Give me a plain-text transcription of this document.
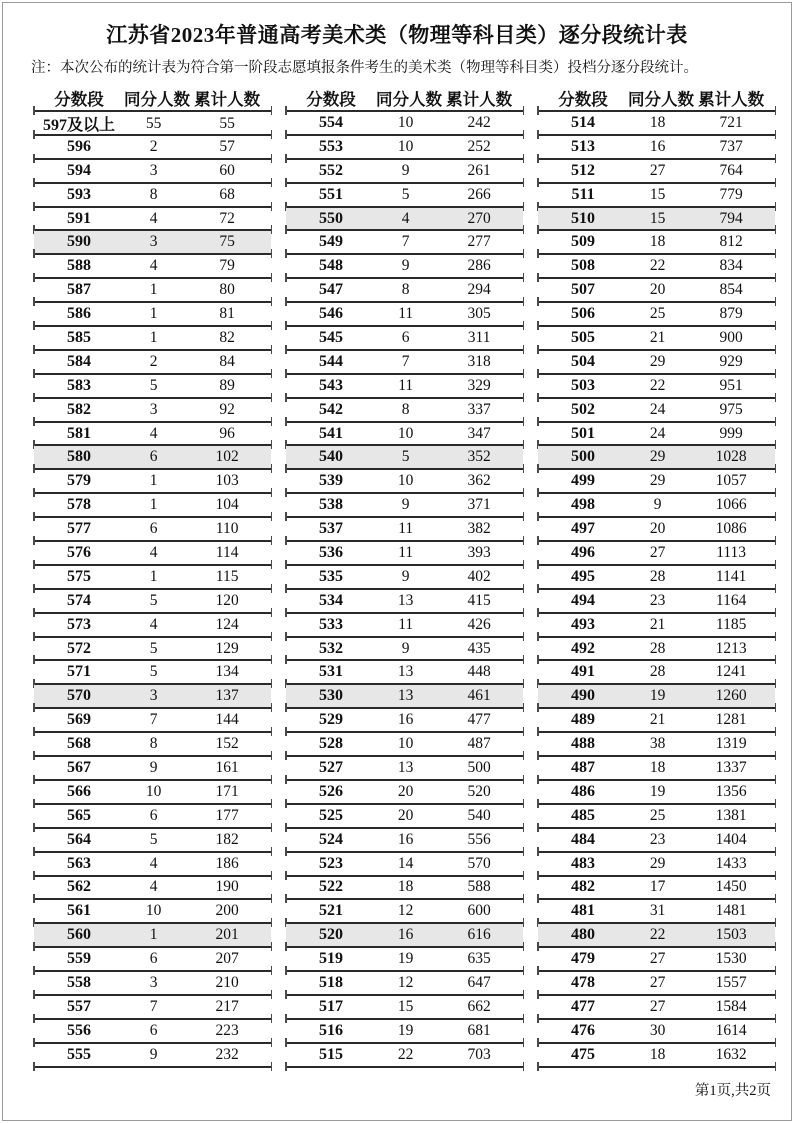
江苏省2023年普通高考美术类（物理等科目类）逐分段统计表

注：本次公布的统计表为符合第一阶段志愿填报条件考生的美术类（物理等科目类）投档分逐分段统计。

分数段	同分人数 累计人数
597及以上	55	55
596	2	57
594	3	60
593	8	68
591	4	72
590	3	75
588	4	79
587	1	80
586	1	81
585	1	82
584	2	84
583	5	89
582	3	92
581	4	96
580	6	102
579	1	103
578	1	104
577	6	110
576	4	114
575	1	115
574	5	120
573	4	124
572	5	129
571	5	134
570	3	137
569	7	144
568	8	152
567	9	161
566	10	171
565	6	177
564	5	182
563	4	186
562	4	190
561	10	200
560	1	201
559	6	207
558	3	210
557	7	217
556	6	223
555	9	232
分数段	同分人数 累计人数
554	10	242
553	10	252
552	9	261
551	5	266
550	4	270
549	7	277
548	9	286
547	8	294
546	11	305
545	6	311
544	7	318
543	11	329
542	8	337
541	10	347
540	5	352
539	10	362
538	9	371
537	11	382
536	11	393
535	9	402
534	13	415
533	11	426
532	9	435
531	13	448
530	13	461
529	16	477
528	10	487
527	13	500
526	20	520
525	20	540
524	16	556
523	14	570
522	18	588
521	12	600
520	16	616
519	19	635
518	12	647
517	15	662
516	19	681
515	22	703
分数段	同分人数 累计人数
514	18	721
513	16	737
512	27	764
511	15	779
510	15	794
509	18	812
508	22	834
507	20	854
506	25	879
505	21	900
504	29	929
503	22	951
502	24	975
501	24	999
500	29	1028
499	29	1057
498	9	1066
497	20	1086
496	27	1113
495	28	1141
494	23	1164
493	21	1185
492	28	1213
491	28	1241
490	19	1260
489	21	1281
488	38	1319
487	18	1337
486	19	1356
485	25	1381
484	23	1404
483	29	1433
482	17	1450
481	31	1481
480	22	1503
479	27	1530
478	27	1557
477	27	1584
476	30	1614
475	18	1632
第1页,共2页
